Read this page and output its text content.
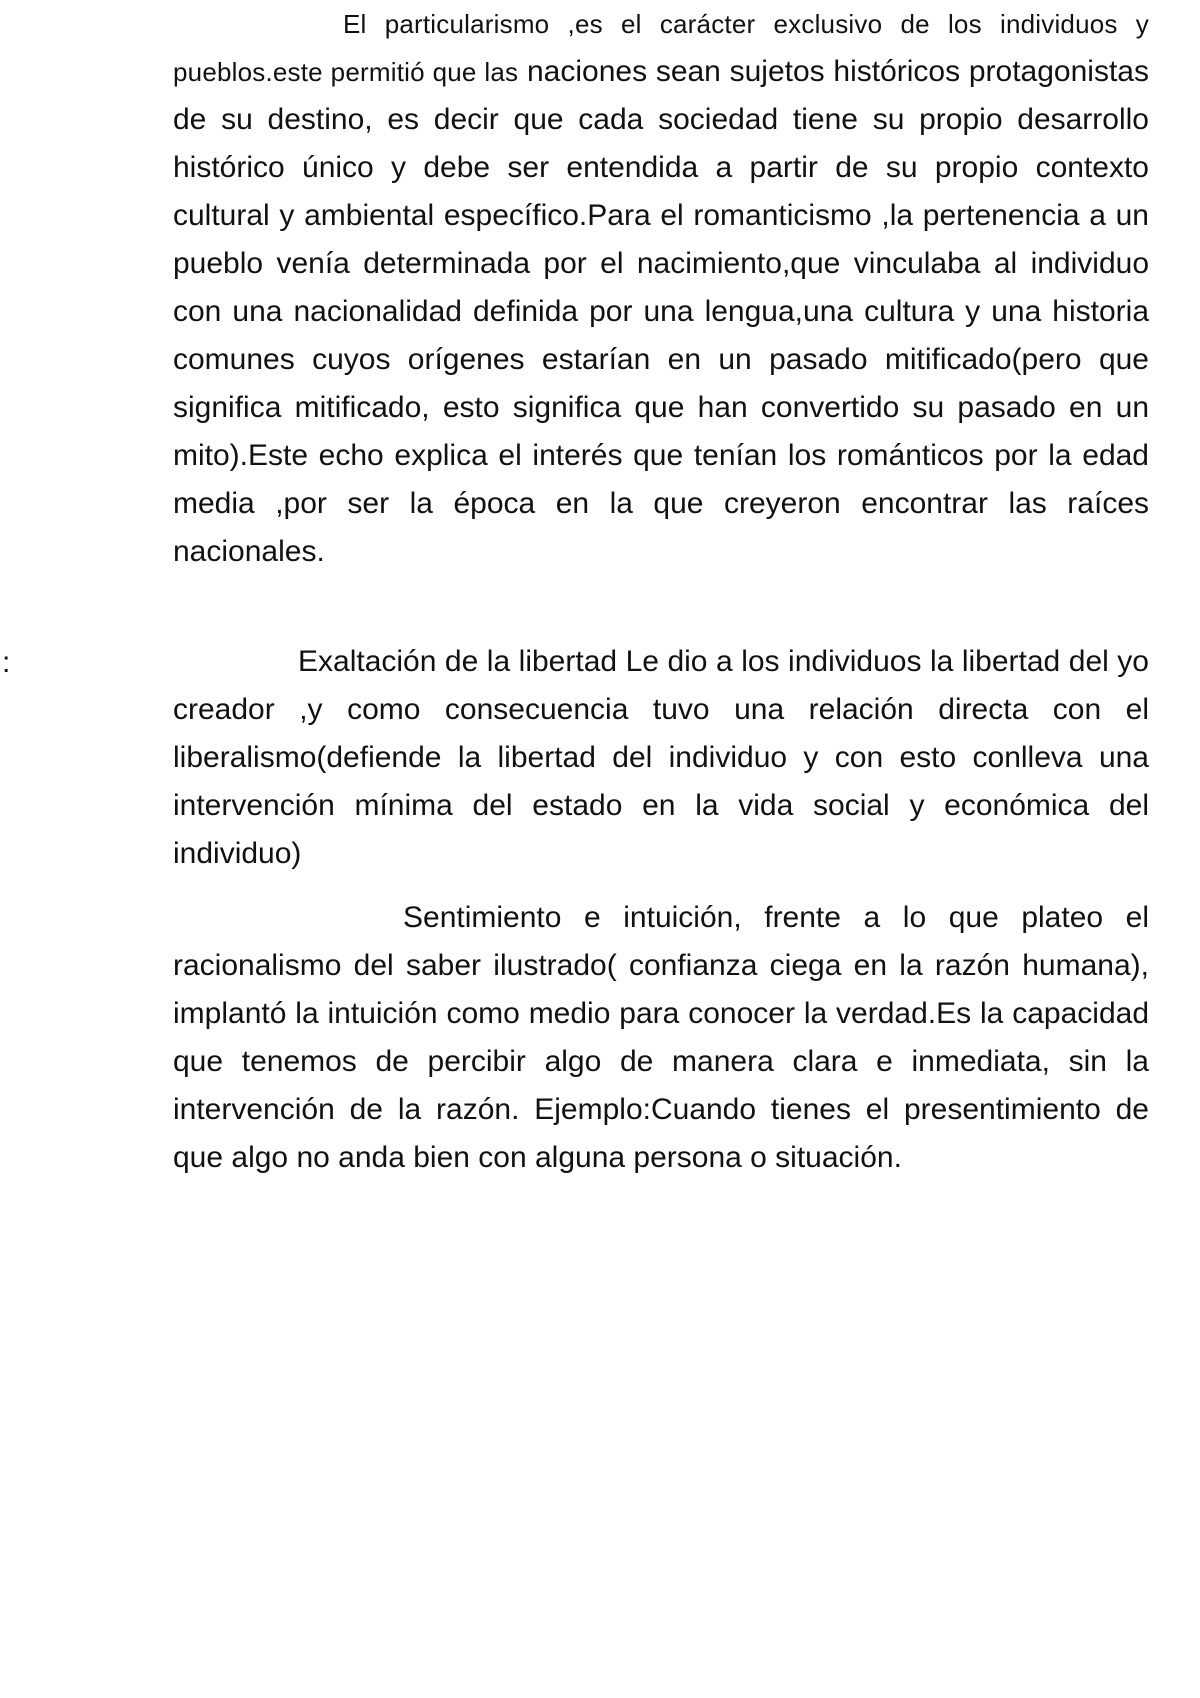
El particularismo ,es el carácter exclusivo de los individuos y pueblos.este permitió que las naciones sean sujetos históricos protagonistas de su destino, es decir que cada sociedad tiene su propio desarrollo histórico único y debe ser entendida a partir de su propio contexto cultural y ambiental específico.Para el romanticismo ,la pertenencia a un pueblo venía determinada por el nacimiento,que vinculaba al individuo con una nacionalidad definida por una lengua,una cultura y una historia comunes cuyos orígenes estarían en un pasado mitificado(pero que significa mitificado, esto significa que han convertido su pasado en un mito).Este echo explica el interés que tenían los románticos por la edad media ,por ser la época en la que creyeron encontrar las raíces nacionales.

:	Exaltación de la libertad Le dio a los individuos la libertad del yo creador ,y como consecuencia tuvo una relación directa con el liberalismo(defiende la libertad del individuo y con esto conlleva una intervención mínima del estado en la vida social y económica del individuo)

Sentimiento e intuición, frente a lo que plateo el racionalismo del saber ilustrado( confianza ciega en la razón humana), implantó la intuición como medio para conocer la verdad.Es la capacidad que tenemos de percibir algo de manera clara e inmediata, sin la intervención de la razón. Ejemplo:Cuando tienes el presentimiento de que algo no anda bien con alguna persona o situación.
